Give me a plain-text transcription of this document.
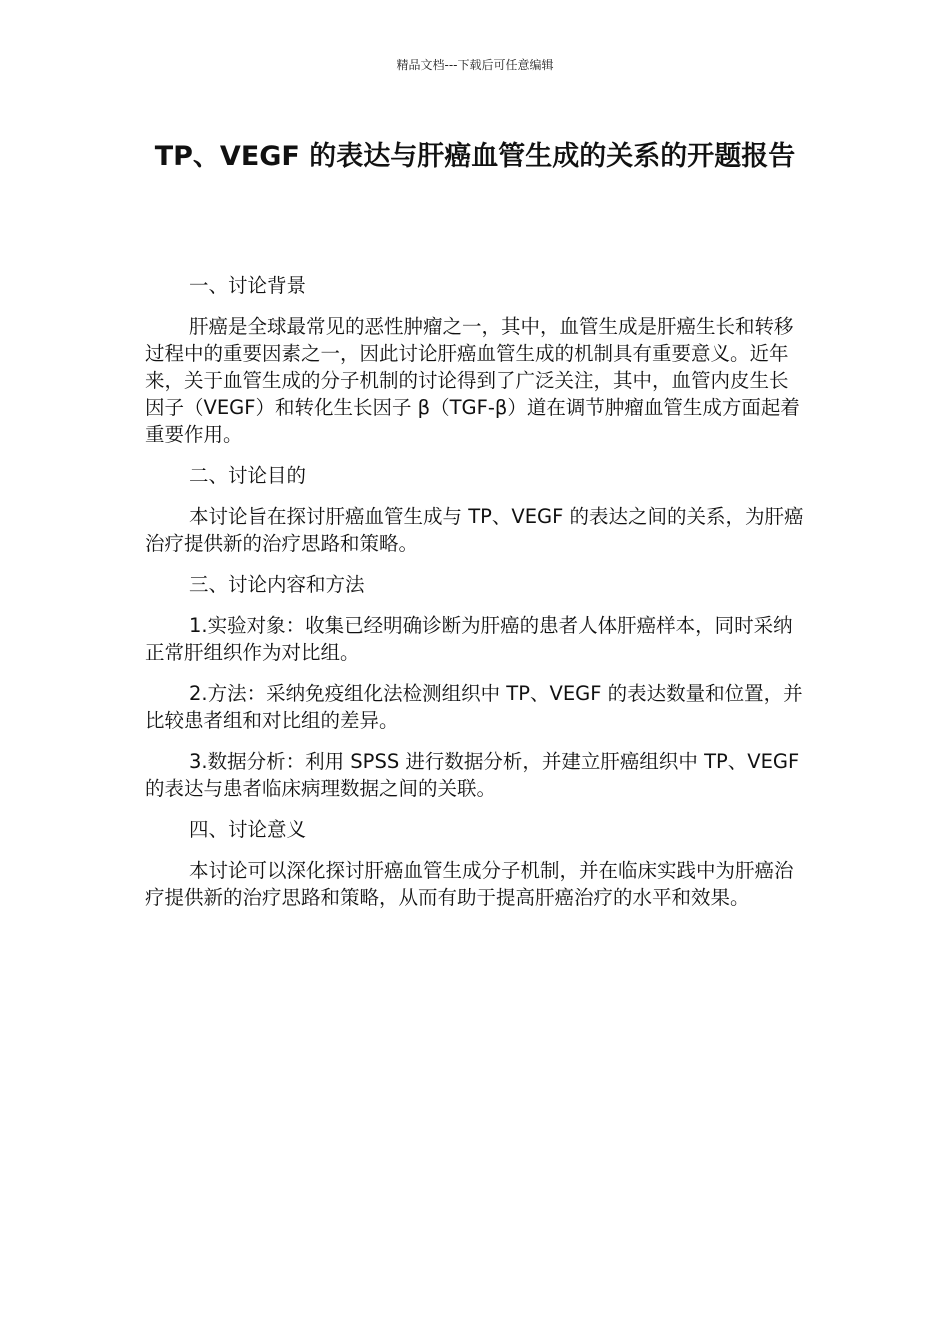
精品文档---下载后可任意编辑
TP、VEGF 的表达与肝癌血管生成的关系的开题报告

一、讨论背景

肝癌是全球最常见的恶性肿瘤之一，其中，血管生成是肝癌生长和转移过程中的重要因素之一，因此讨论肝癌血管生成的机制具有重要意义。近年来，关于血管生成的分子机制的讨论得到了广泛关注，其中，血管内皮生长因子（VEGF）和转化生长因子 β（TGF-β）道在调节肿瘤血管生成方面起着重要作用。

二、讨论目的

本讨论旨在探讨肝癌血管生成与 TP、VEGF 的表达之间的关系，为肝癌治疗提供新的治疗思路和策略。

三、讨论内容和方法

1.实验对象：收集已经明确诊断为肝癌的患者人体肝癌样本，同时采纳正常肝组织作为对比组。

2.方法：采纳免疫组化法检测组织中 TP、VEGF 的表达数量和位置，并比较患者组和对比组的差异。

3.数据分析：利用 SPSS 进行数据分析，并建立肝癌组织中 TP、VEGF 的表达与患者临床病理数据之间的关联。

四、讨论意义

本讨论可以深化探讨肝癌血管生成分子机制，并在临床实践中为肝癌治疗提供新的治疗思路和策略，从而有助于提高肝癌治疗的水平和效果。
